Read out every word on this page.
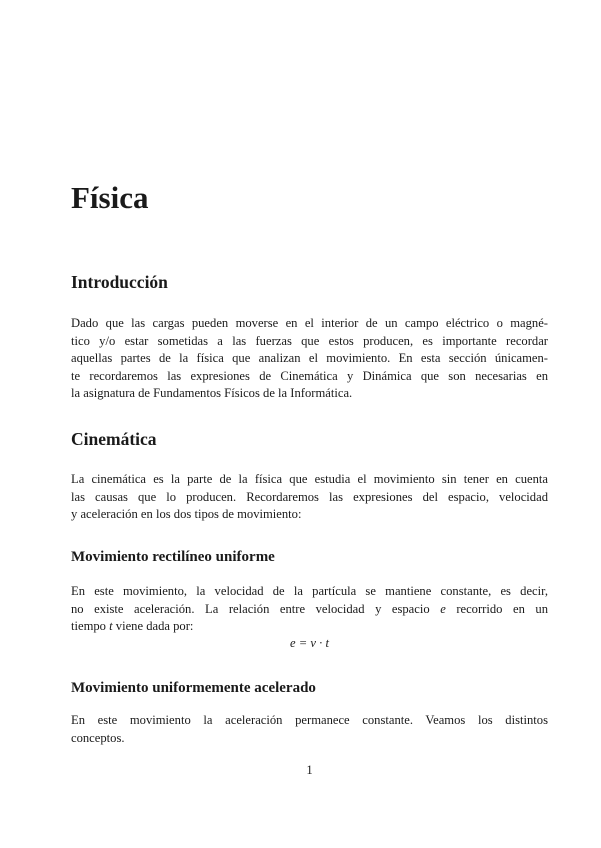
Física
Introducción

Dado que las cargas pueden moverse en el interior de un campo eléctrico o magné-
tico y/o estar sometidas a las fuerzas que estos producen, es importante recordar
aquellas partes de la física que analizan el movimiento. En esta sección únicamen-
te recordaremos las expresiones de Cinemática y Dinámica que son necesarias en
la asignatura de Fundamentos Físicos de la Informática.

Cinemática

La cinemática es la parte de la física que estudia el movimiento sin tener en cuenta
las causas que lo producen. Recordaremos las expresiones del espacio, velocidad
y aceleración en los dos tipos de movimiento:

Movimiento rectilíneo uniforme

En este movimiento, la velocidad de la partícula se mantiene constante, es decir,
no existe aceleración. La relación entre velocidad y espacio e recorrido en un
tiempo t viene dada por:

e = v · t
Movimiento uniformemente acelerado

En este movimiento la aceleración permanece constante. Veamos los distintos
conceptos.

1
